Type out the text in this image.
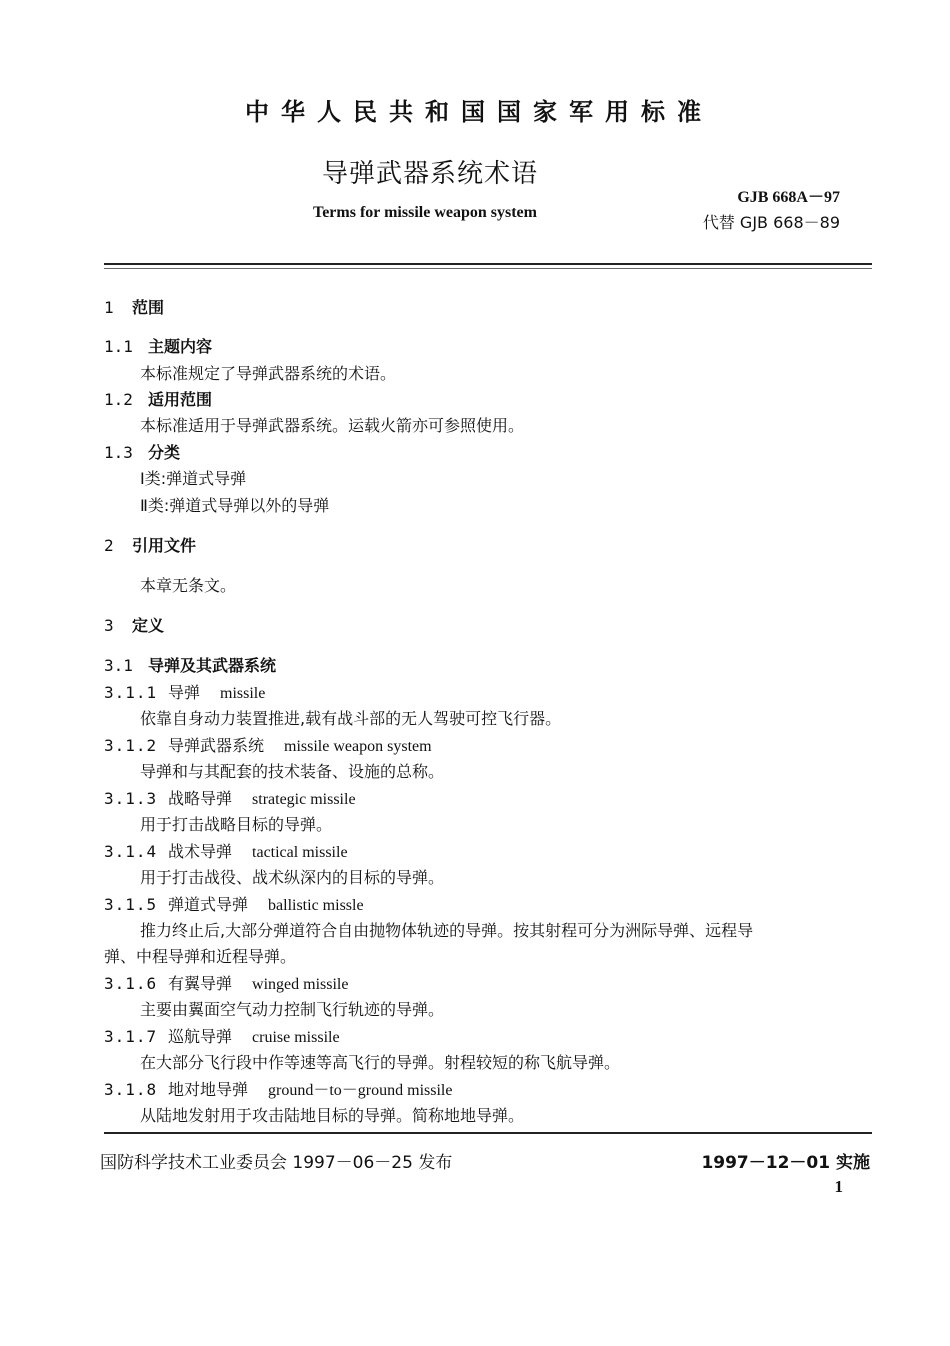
中华人民共和国国家军用标准
导弹武器系统术语
Terms for missile weapon system
GJB 668A－97
代替 GJB 668－89
1 范围
1.1 主题内容
本标准规定了导弹武器系统的术语。
1.2 适用范围
本标准适用于导弹武器系统。运载火箭亦可参照使用。
1.3 分类
Ⅰ类:弹道式导弹
Ⅱ类:弹道式导弹以外的导弹
2 引用文件
本章无条文。
3 定义
3.1 导弹及其武器系统
3.1.1 导弹 missile
依靠自身动力装置推进,载有战斗部的无人驾驶可控飞行器。
3.1.2 导弹武器系统 missile weapon system
导弹和与其配套的技术装备、设施的总称。
3.1.3 战略导弹 strategic missile
用于打击战略目标的导弹。
3.1.4 战术导弹 tactical missile
用于打击战役、战术纵深内的目标的导弹。
3.1.5 弹道式导弹 ballistic missle
推力终止后,大部分弹道符合自由抛物体轨迹的导弹。按其射程可分为洲际导弹、远程导
弹、中程导弹和近程导弹。
3.1.6 有翼导弹 winged missile
主要由翼面空气动力控制飞行轨迹的导弹。
3.1.7 巡航导弹 cruise missile
在大部分飞行段中作等速等高飞行的导弹。射程较短的称飞航导弹。
3.1.8 地对地导弹 ground－to－ground missile
从陆地发射用于攻击陆地目标的导弹。简称地地导弹。
国防科学技术工业委员会 1997－06－25 发布	1997－12－01 实施
1
